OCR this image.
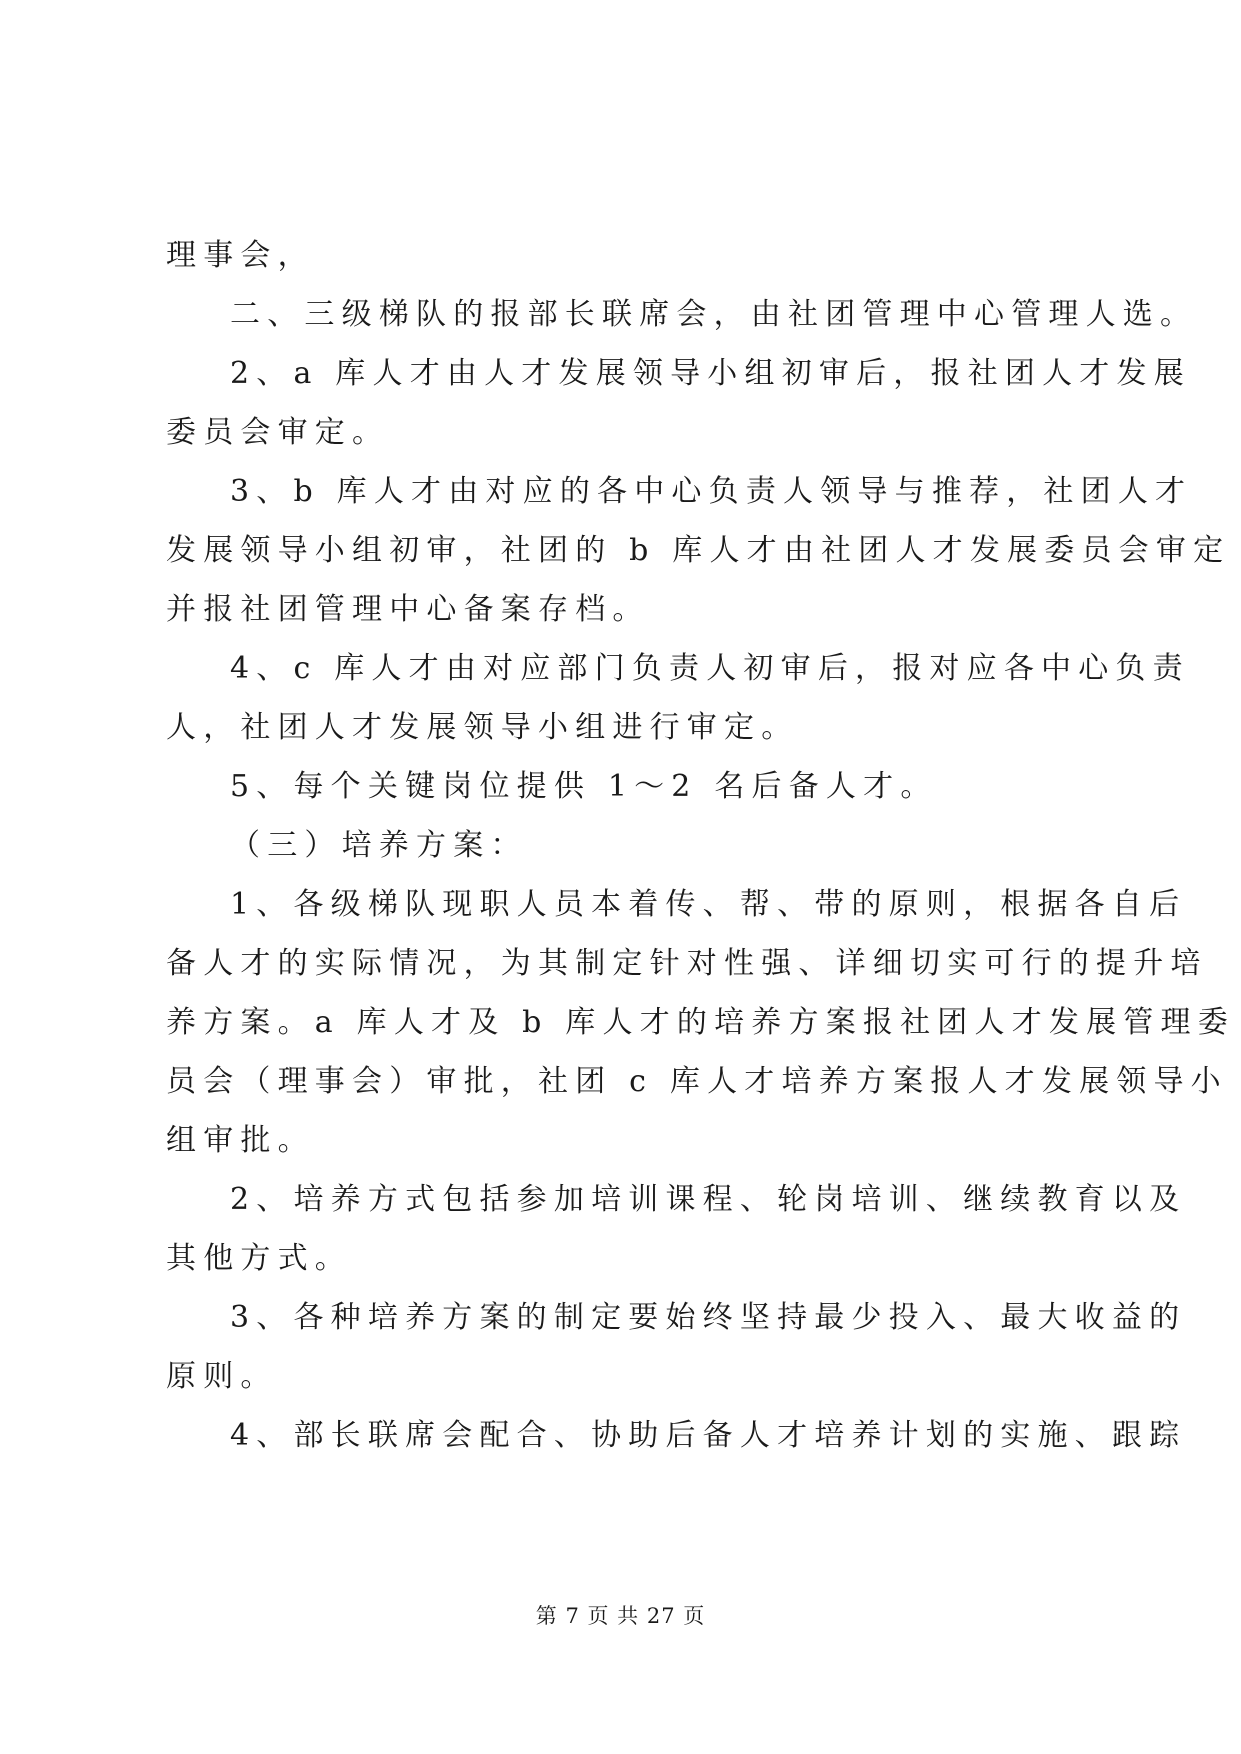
理事会，
二、三级梯队的报部长联席会，由社团管理中心管理人选。
2、a 库人才由人才发展领导小组初审后，报社团人才发展
委员会审定。
3、b 库人才由对应的各中心负责人领导与推荐，社团人才
发展领导小组初审，社团的 b 库人才由社团人才发展委员会审定
并报社团管理中心备案存档。
4、c 库人才由对应部门负责人初审后，报对应各中心负责
人，社团人才发展领导小组进行审定。
5、每个关键岗位提供 1～2 名后备人才。
（三）培养方案：
1、各级梯队现职人员本着传、帮、带的原则，根据各自后
备人才的实际情况，为其制定针对性强、详细切实可行的提升培
养方案。a 库人才及 b 库人才的培养方案报社团人才发展管理委
员会（理事会）审批，社团 c 库人才培养方案报人才发展领导小
组审批。
2、培养方式包括参加培训课程、轮岗培训、继续教育以及
其他方式。
3、各种培养方案的制定要始终坚持最少投入、最大收益的
原则。
4、部长联席会配合、协助后备人才培养计划的实施、跟踪
第 7 页 共 27 页
